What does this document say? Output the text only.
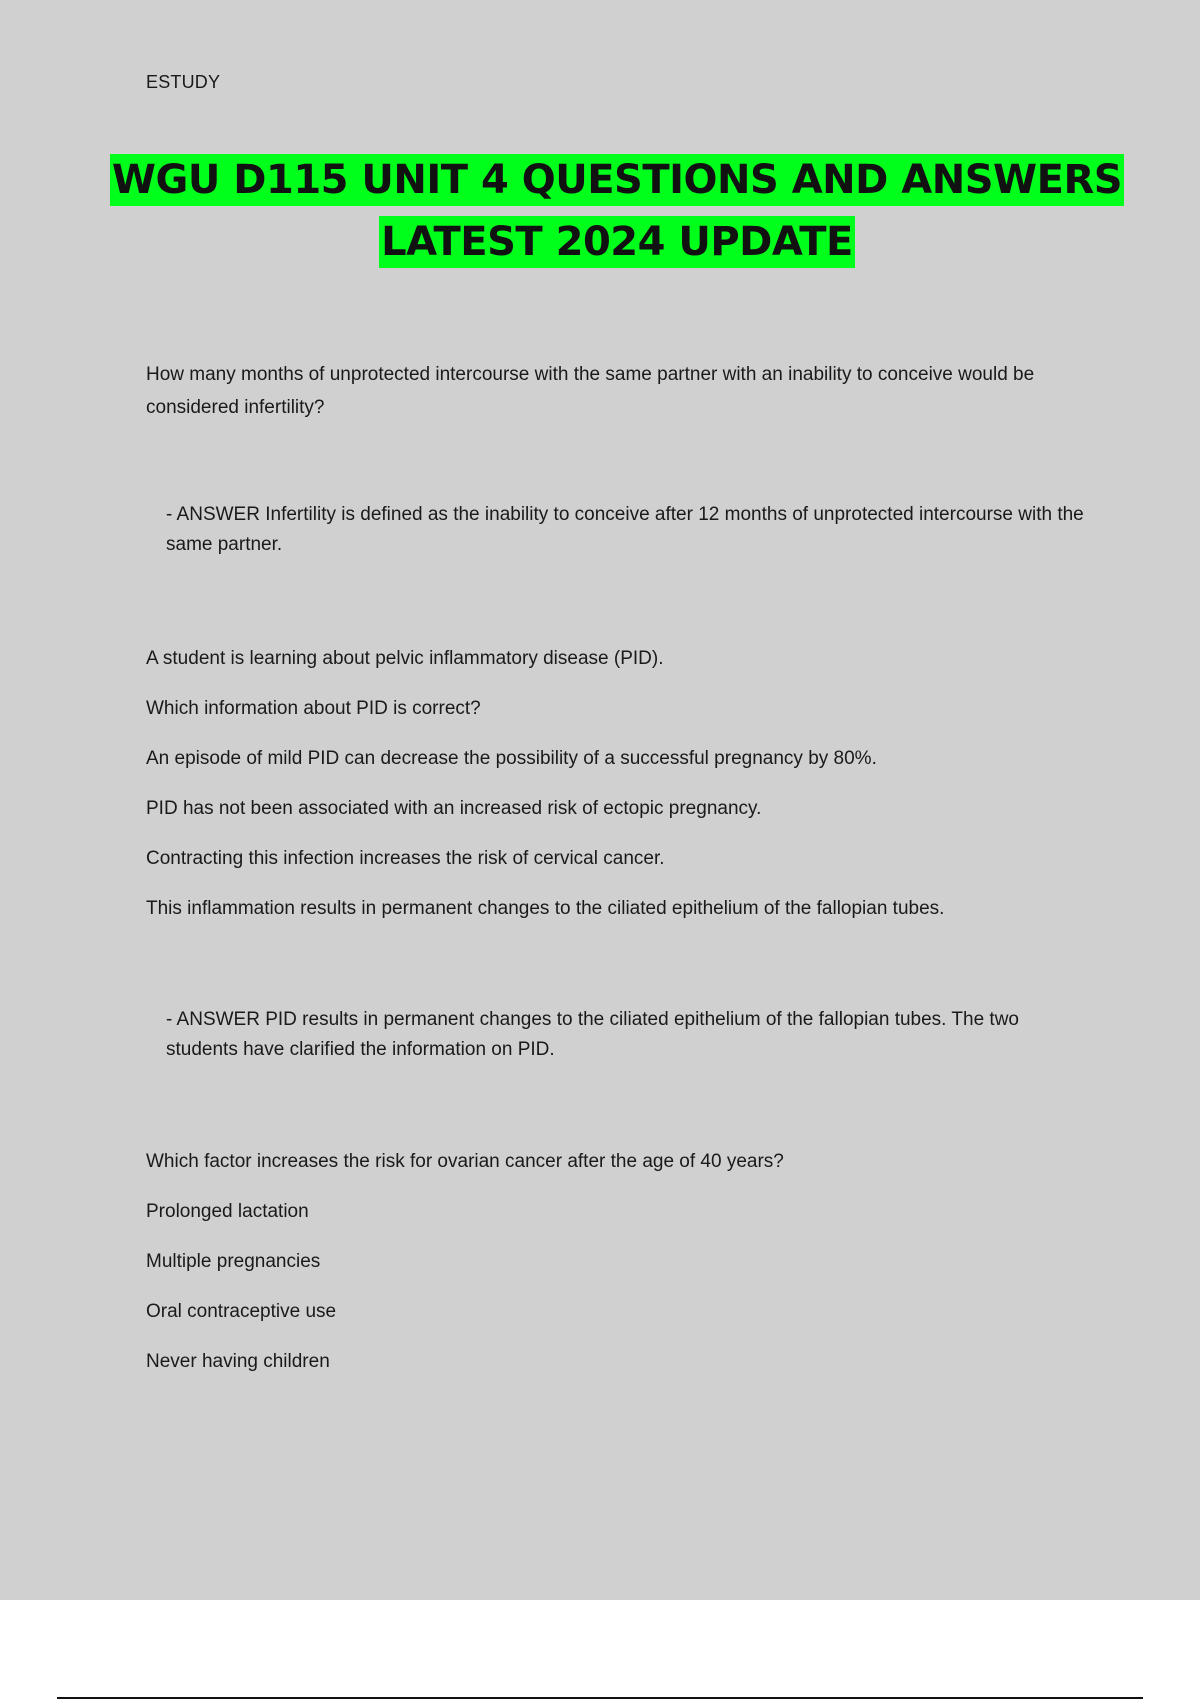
ESTUDY
WGU D115 UNIT 4 QUESTIONS AND ANSWERS
LATEST 2024 UPDATE

How many months of unprotected intercourse with the same partner with an inability to conceive would be considered infertility?

- ANSWER Infertility is defined as the inability to conceive after 12 months of unprotected intercourse with the same partner.

A student is learning about pelvic inflammatory disease (PID).

Which information about PID is correct?

An episode of mild PID can decrease the possibility of a successful pregnancy by 80%.

PID has not been associated with an increased risk of ectopic pregnancy.

Contracting this infection increases the risk of cervical cancer.

This inflammation results in permanent changes to the ciliated epithelium of the fallopian tubes.

- ANSWER PID results in permanent changes to the ciliated epithelium of the fallopian tubes. The two students have clarified the information on PID.

Which factor increases the risk for ovarian cancer after the age of 40 years?

Prolonged lactation

Multiple pregnancies

Oral contraceptive use

Never having children
